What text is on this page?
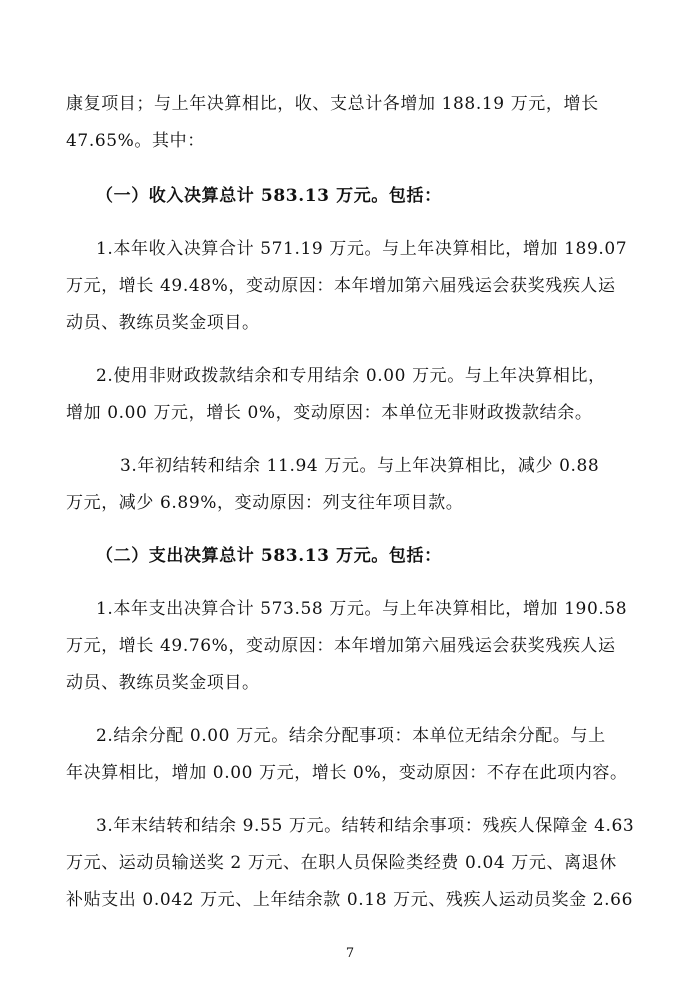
康复项目；与上年决算相比，收、支总计各增加 188.19 万元，增长
47.65%。其中：
（一）收入决算总计 583.13 万元。包括：
1.本年收入决算合计 571.19 万元。与上年决算相比，增加 189.07
万元，增长 49.48%，变动原因：本年增加第六届残运会获奖残疾人运
动员、教练员奖金项目。
2.使用非财政拨款结余和专用结余 0.00 万元。与上年决算相比，
增加 0.00 万元，增长 0%，变动原因：本单位无非财政拨款结余。
3.年初结转和结余 11.94 万元。与上年决算相比，减少 0.88
万元，减少 6.89%，变动原因：列支往年项目款。
（二）支出决算总计 583.13 万元。包括：
1.本年支出决算合计 573.58 万元。与上年决算相比，增加 190.58
万元，增长 49.76%，变动原因：本年增加第六届残运会获奖残疾人运
动员、教练员奖金项目。
2.结余分配 0.00 万元。结余分配事项：本单位无结余分配。与上
年决算相比，增加 0.00 万元，增长 0%，变动原因：不存在此项内容。
3.年末结转和结余 9.55 万元。结转和结余事项：残疾人保障金 4.63
万元、运动员输送奖 2 万元、在职人员保险类经费 0.04 万元、离退休
补贴支出 0.042 万元、上年结余款 0.18 万元、残疾人运动员奖金 2.66
7
